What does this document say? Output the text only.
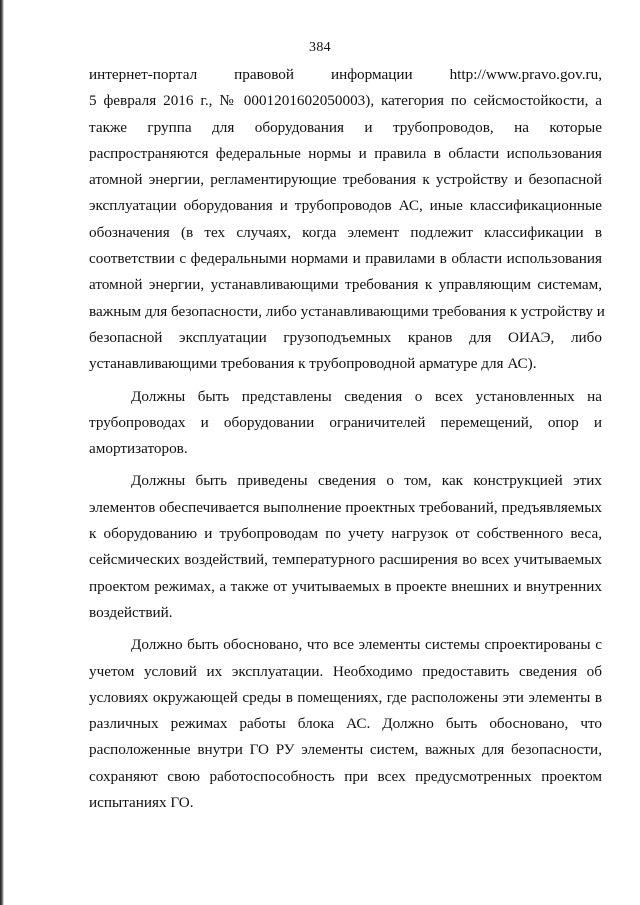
384
интернет-портал правовой информации http://www.pravo.gov.ru,
5 февраля 2016 г., № 0001201602050003), категория по сейсмостойкости, а
также группа для оборудования и трубопроводов, на которые
распространяются федеральные нормы и правила в области использования
атомной энергии, регламентирующие требования к устройству и безопасной
эксплуатации оборудования и трубопроводов АС, иные классификационные
обозначения (в тех случаях, когда элемент подлежит классификации в
соответствии с федеральными нормами и правилами в области использования
атомной энергии, устанавливающими требования к управляющим системам,
важным для безопасности, либо устанавливающими требования к устройству и
безопасной эксплуатации грузоподъемных кранов для ОИАЭ, либо
устанавливающими требования к трубопроводной арматуре для АС).
Должны быть представлены сведения о всех установленных на
трубопроводах и оборудовании ограничителей перемещений, опор и
амортизаторов.
Должны быть приведены сведения о том, как конструкцией этих
элементов обеспечивается выполнение проектных требований, предъявляемых
к оборудованию и трубопроводам по учету нагрузок от собственного веса,
сейсмических воздействий, температурного расширения во всех учитываемых
проектом режимах, а также от учитываемых в проекте внешних и внутренних
воздействий.
Должно быть обосновано, что все элементы системы спроектированы с
учетом условий их эксплуатации. Необходимо предоставить сведения об
условиях окружающей среды в помещениях, где расположены эти элементы в
различных режимах работы блока АС. Должно быть обосновано, что
расположенные внутри ГО РУ элементы систем, важных для безопасности,
сохраняют свою работоспособность при всех предусмотренных проектом
испытаниях ГО.
